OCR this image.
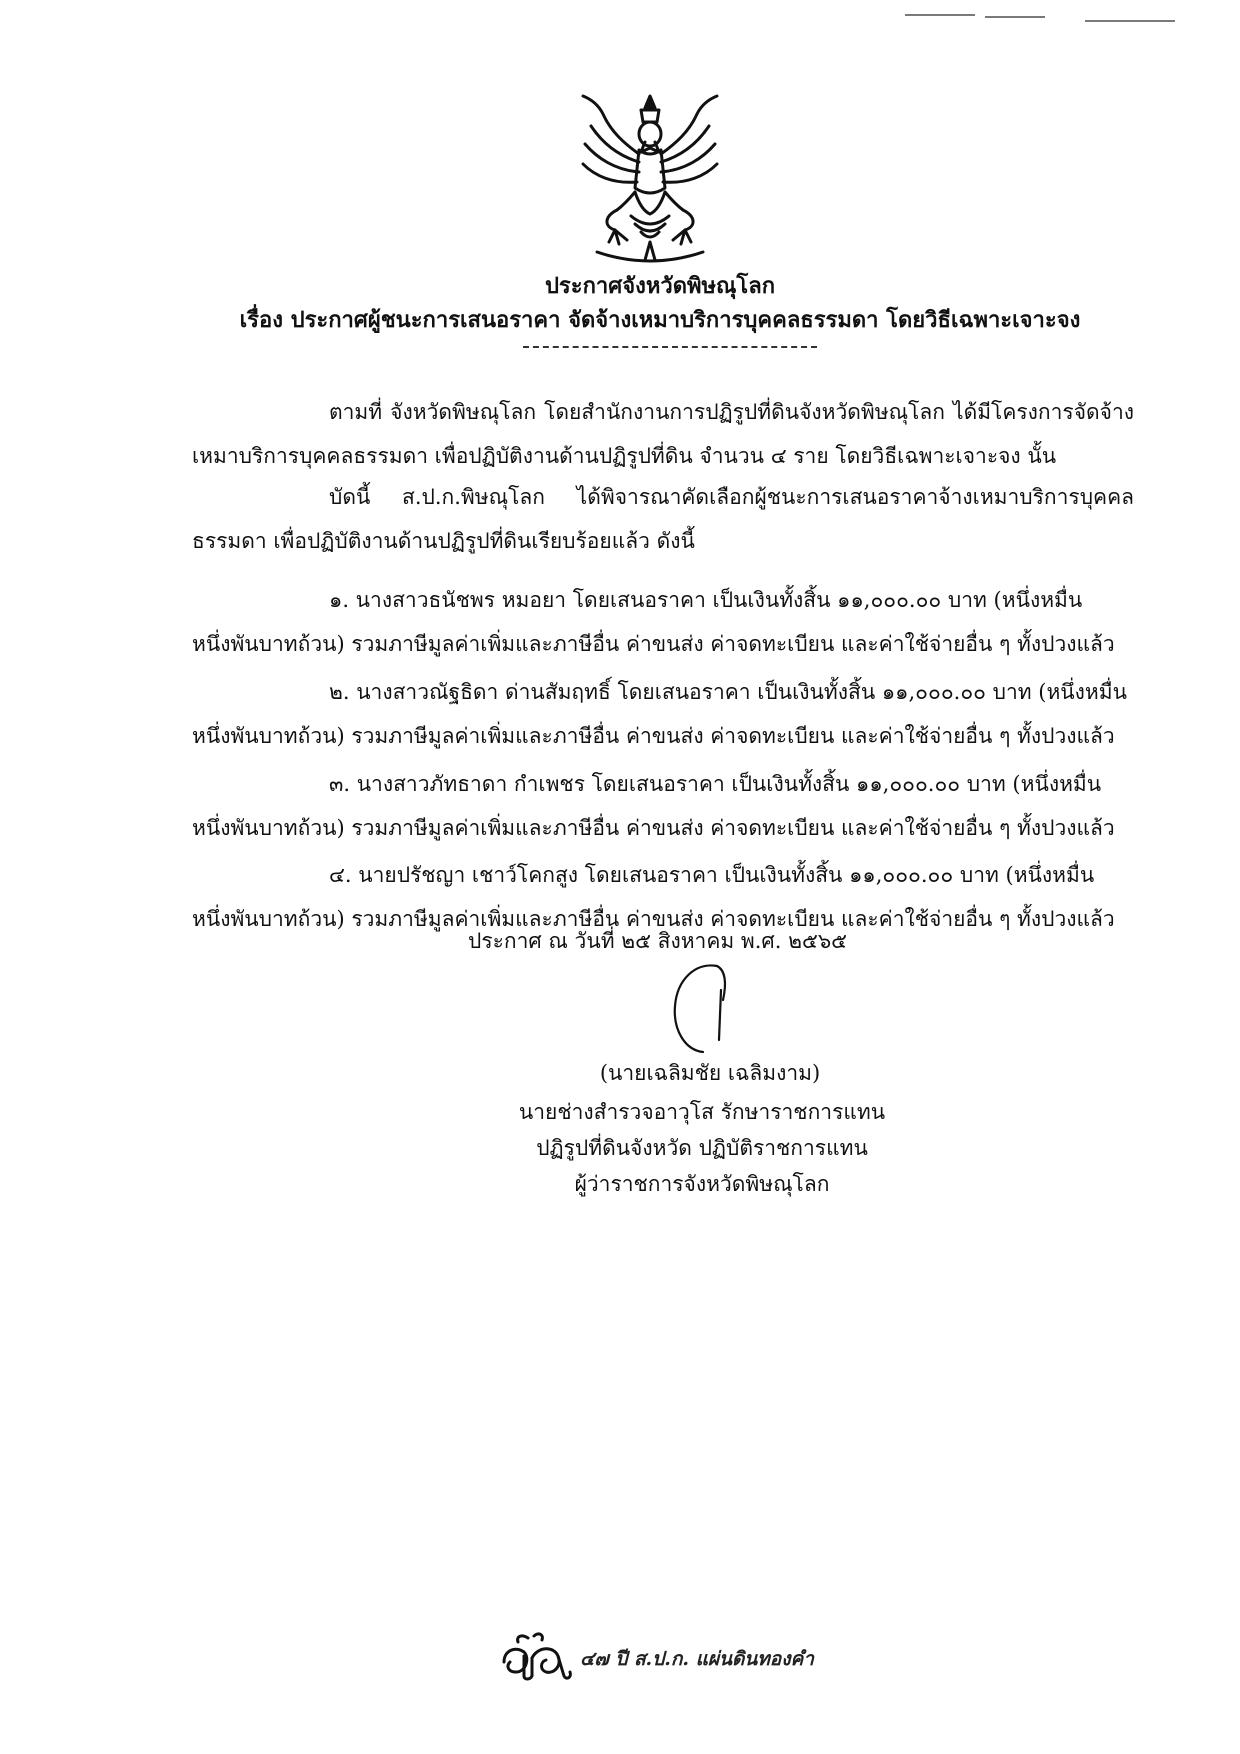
ประกาศจังหวัดพิษณุโลก
เรื่อง ประกาศผู้ชนะการเสนอราคา จัดจ้างเหมาบริการบุคคลธรรมดา โดยวิธีเฉพาะเจาะจง
ตามที่ จังหวัดพิษณุโลก โดยสำนักงานการปฏิรูปที่ดินจังหวัดพิษณุโลก ได้มีโครงการจัดจ้างเหมาบริการบุคคลธรรมดา เพื่อปฏิบัติงานด้านปฏิรูปที่ดิน จำนวน ๔ ราย โดยวิธีเฉพาะเจาะจง นั้น
บัดนี้ ส.ป.ก.พิษณุโลก ได้พิจารณาคัดเลือกผู้ชนะการเสนอราคาจ้างเหมาบริการบุคคลธรรมดา เพื่อปฏิบัติงานด้านปฏิรูปที่ดินเรียบร้อยแล้ว ดังนี้
๑. นางสาวธนัชพร หมอยา โดยเสนอราคา เป็นเงินทั้งสิ้น ๑๑,๐๐๐.๐๐ บาท (หนึ่งหมื่น
หนึ่งพันบาทถ้วน) รวมภาษีมูลค่าเพิ่มและภาษีอื่น ค่าขนส่ง ค่าจดทะเบียน และค่าใช้จ่ายอื่น ๆ ทั้งปวงแล้ว
๒. นางสาวณัฐธิดา ด่านสัมฤทธิ์ โดยเสนอราคา เป็นเงินทั้งสิ้น ๑๑,๐๐๐.๐๐ บาท (หนึ่งหมื่น
หนึ่งพันบาทถ้วน) รวมภาษีมูลค่าเพิ่มและภาษีอื่น ค่าขนส่ง ค่าจดทะเบียน และค่าใช้จ่ายอื่น ๆ ทั้งปวงแล้ว
๓. นางสาวภัทธาดา กำเพชร โดยเสนอราคา เป็นเงินทั้งสิ้น ๑๑,๐๐๐.๐๐ บาท (หนึ่งหมื่น
หนึ่งพันบาทถ้วน) รวมภาษีมูลค่าเพิ่มและภาษีอื่น ค่าขนส่ง ค่าจดทะเบียน และค่าใช้จ่ายอื่น ๆ ทั้งปวงแล้ว
๔. นายปรัชญา เชาว์โคกสูง โดยเสนอราคา เป็นเงินทั้งสิ้น ๑๑,๐๐๐.๐๐ บาท (หนึ่งหมื่น
หนึ่งพันบาทถ้วน) รวมภาษีมูลค่าเพิ่มและภาษีอื่น ค่าขนส่ง ค่าจดทะเบียน และค่าใช้จ่ายอื่น ๆ ทั้งปวงแล้ว
ประกาศ ณ วันที่ ๒๕ สิงหาคม พ.ศ. ๒๕๖๕
(นายเฉลิมชัย เฉลิมงาม)
นายช่างสำรวจอาวุโส รักษาราชการแทน
ปฏิรูปที่ดินจังหวัด ปฏิบัติราชการแทน
ผู้ว่าราชการจังหวัดพิษณุโลก
๔๗ ปี ส.ป.ก. แผ่นดินทองคำ
